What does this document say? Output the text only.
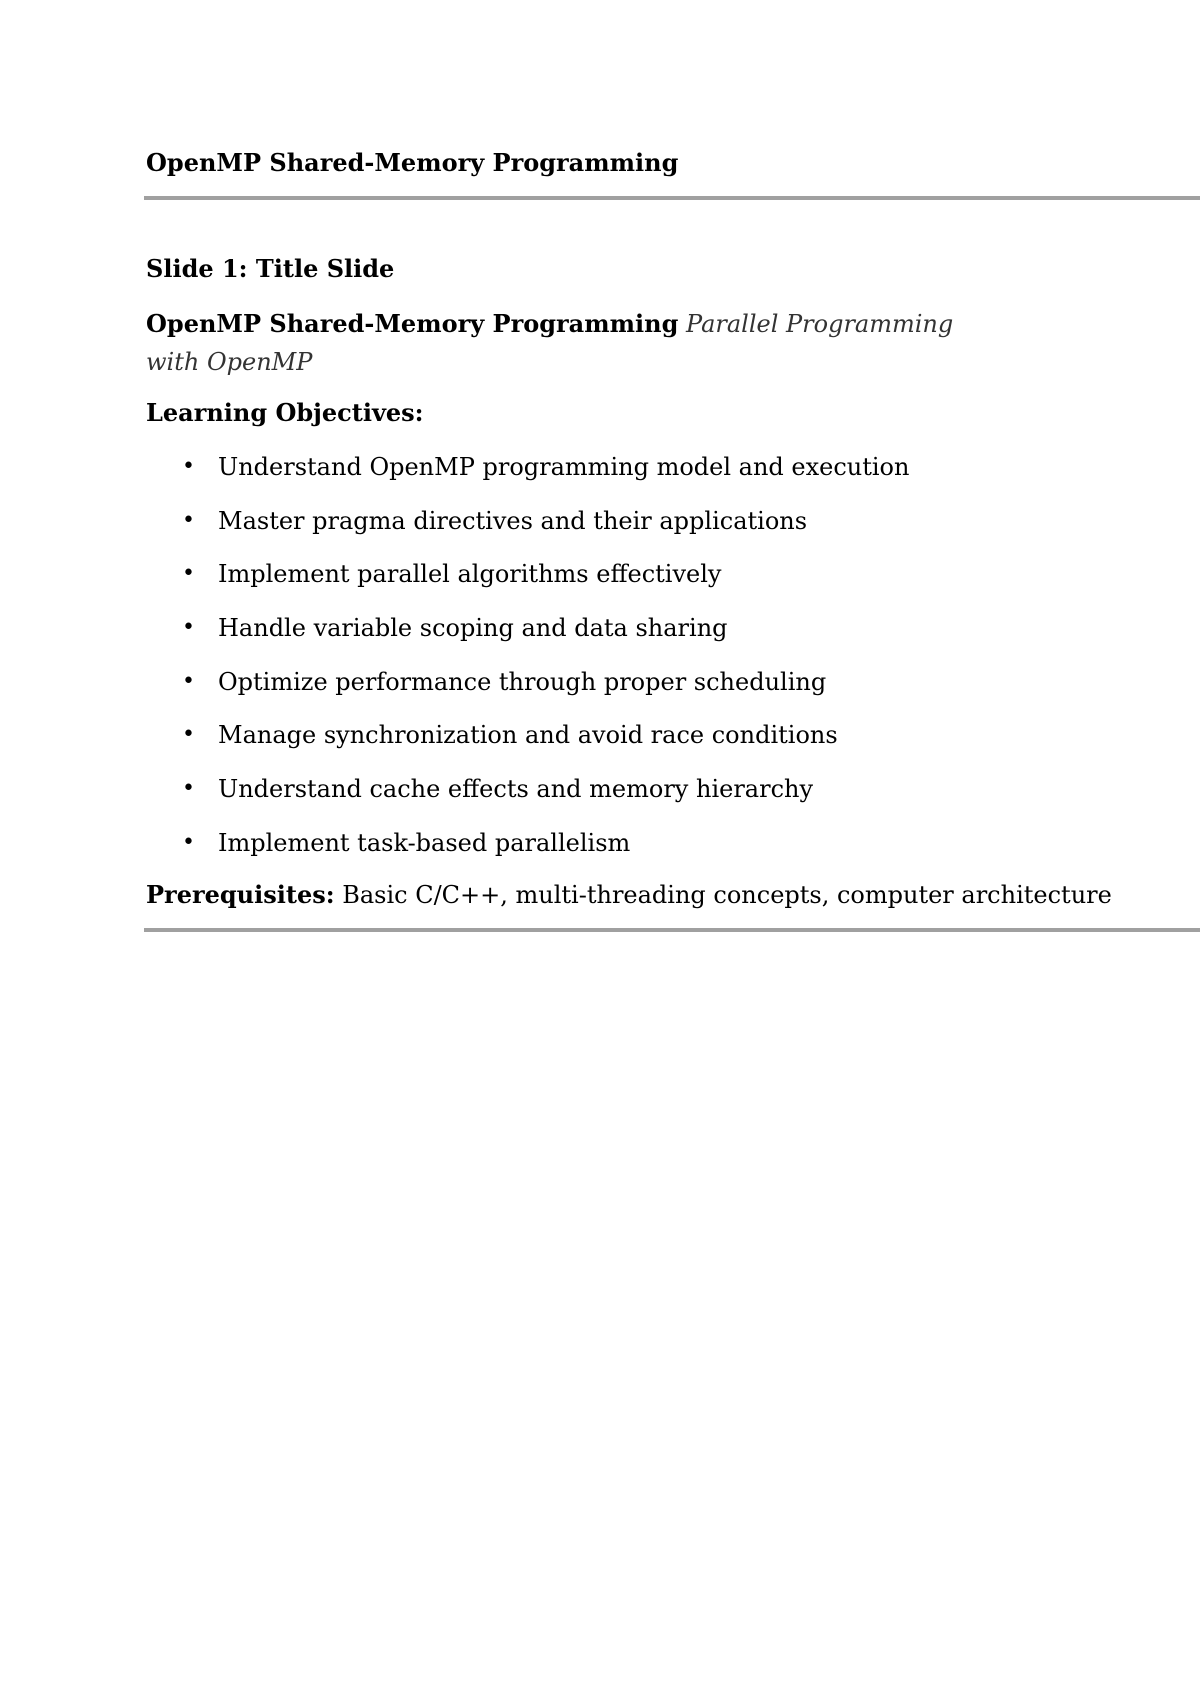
OpenMP Shared-Memory Programming
Slide 1: Title Slide
OpenMP Shared-Memory Programming Parallel Programming with OpenMP
Learning Objectives:
• Understand OpenMP programming model and execution
• Master pragma directives and their applications
• Implement parallel algorithms effectively
• Handle variable scoping and data sharing
• Optimize performance through proper scheduling
• Manage synchronization and avoid race conditions
• Understand cache effects and memory hierarchy
• Implement task-based parallelism
Prerequisites: Basic C/C++, multi-threading concepts, computer architecture
